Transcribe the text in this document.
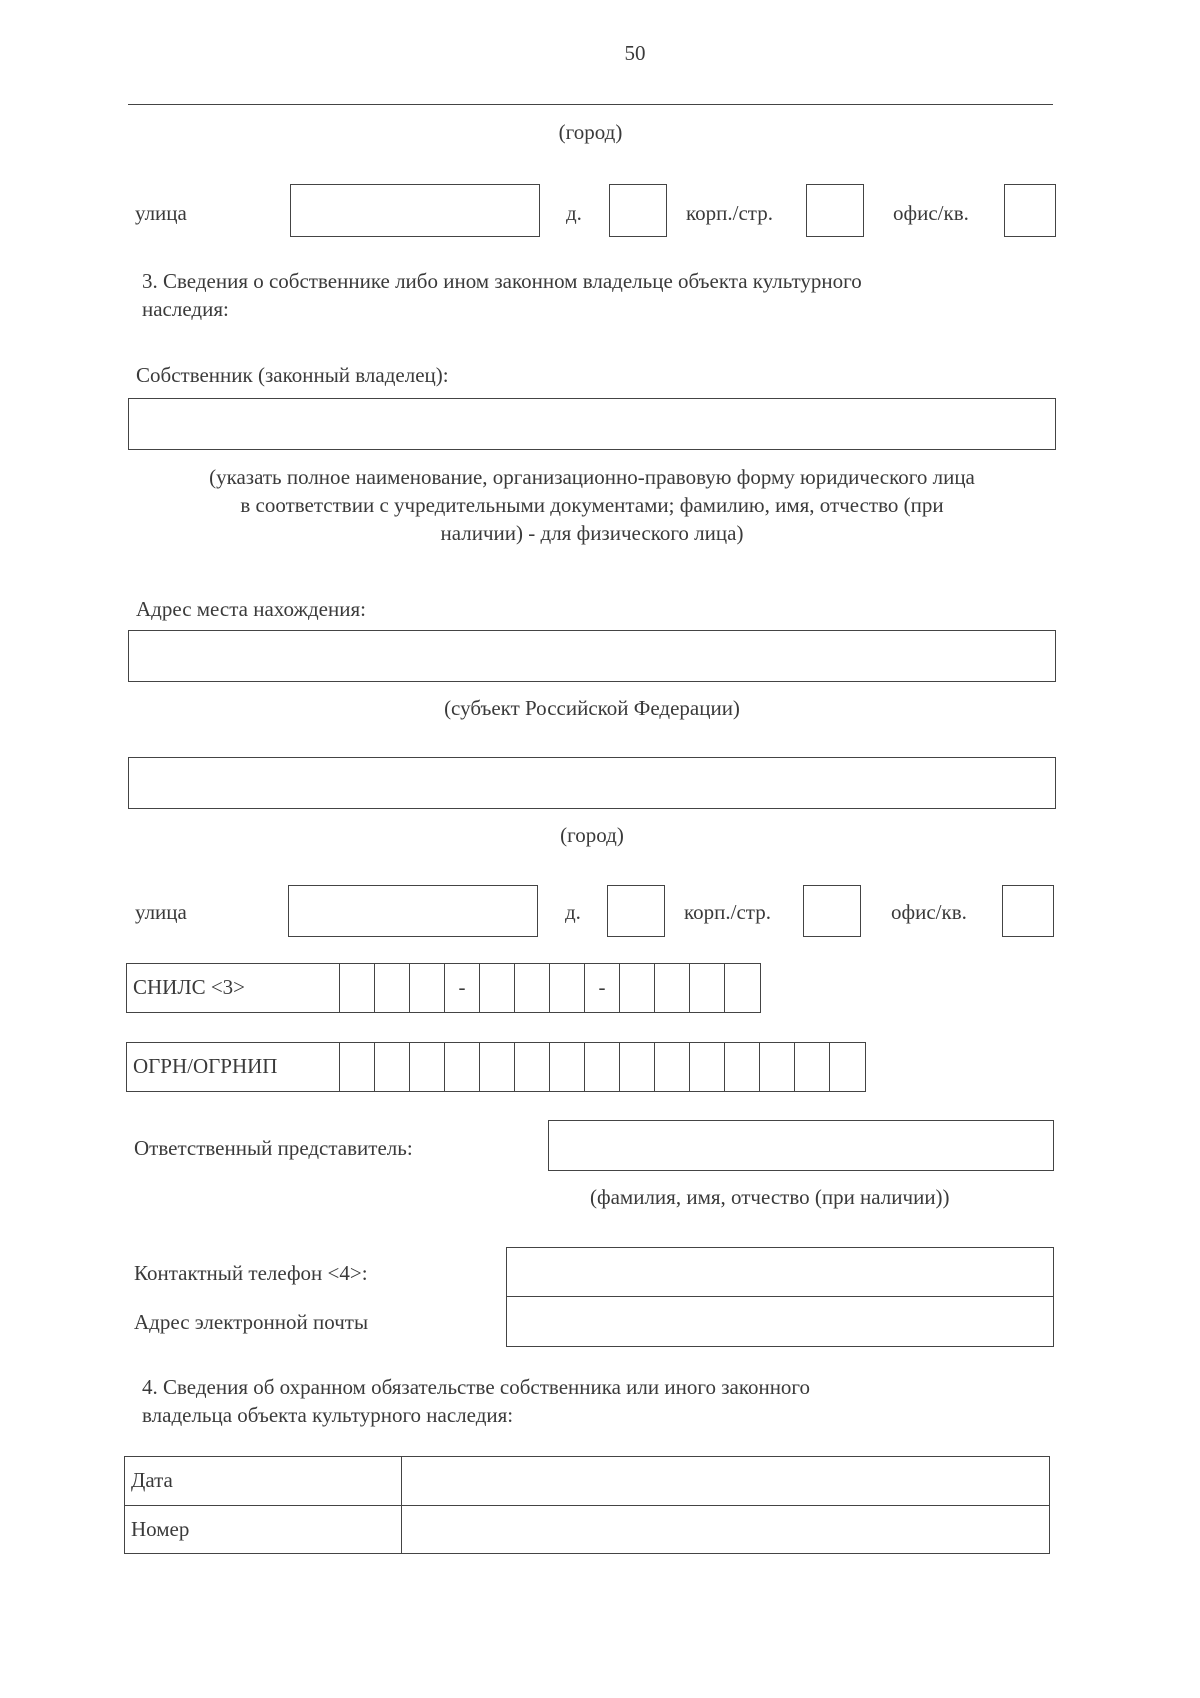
50
(город)
улица	д.	корп./стр.	офис/кв.
3. Сведения о собственнике либо ином законном владельце объекта культурного
наследия:
Собственник (законный владелец):
(указать полное наименование, организационно-правовую форму юридического лица
в соответствии с учредительными документами; фамилию, имя, отчество (при
наличии) - для физического лица)
Адрес места нахождения:
(субъект Российской Федерации)
(город)
улица	д.	корп./стр.	офис/кв.
СНИЛС <3>	-	-
ОГРН/ОГРНИП
Ответственный представитель:
(фамилия, имя, отчество (при наличии))
Контактный телефон <4>:
Адрес электронной почты
4. Сведения об охранном обязательстве собственника или иного законного
владельца объекта культурного наследия:
Дата
Номер
